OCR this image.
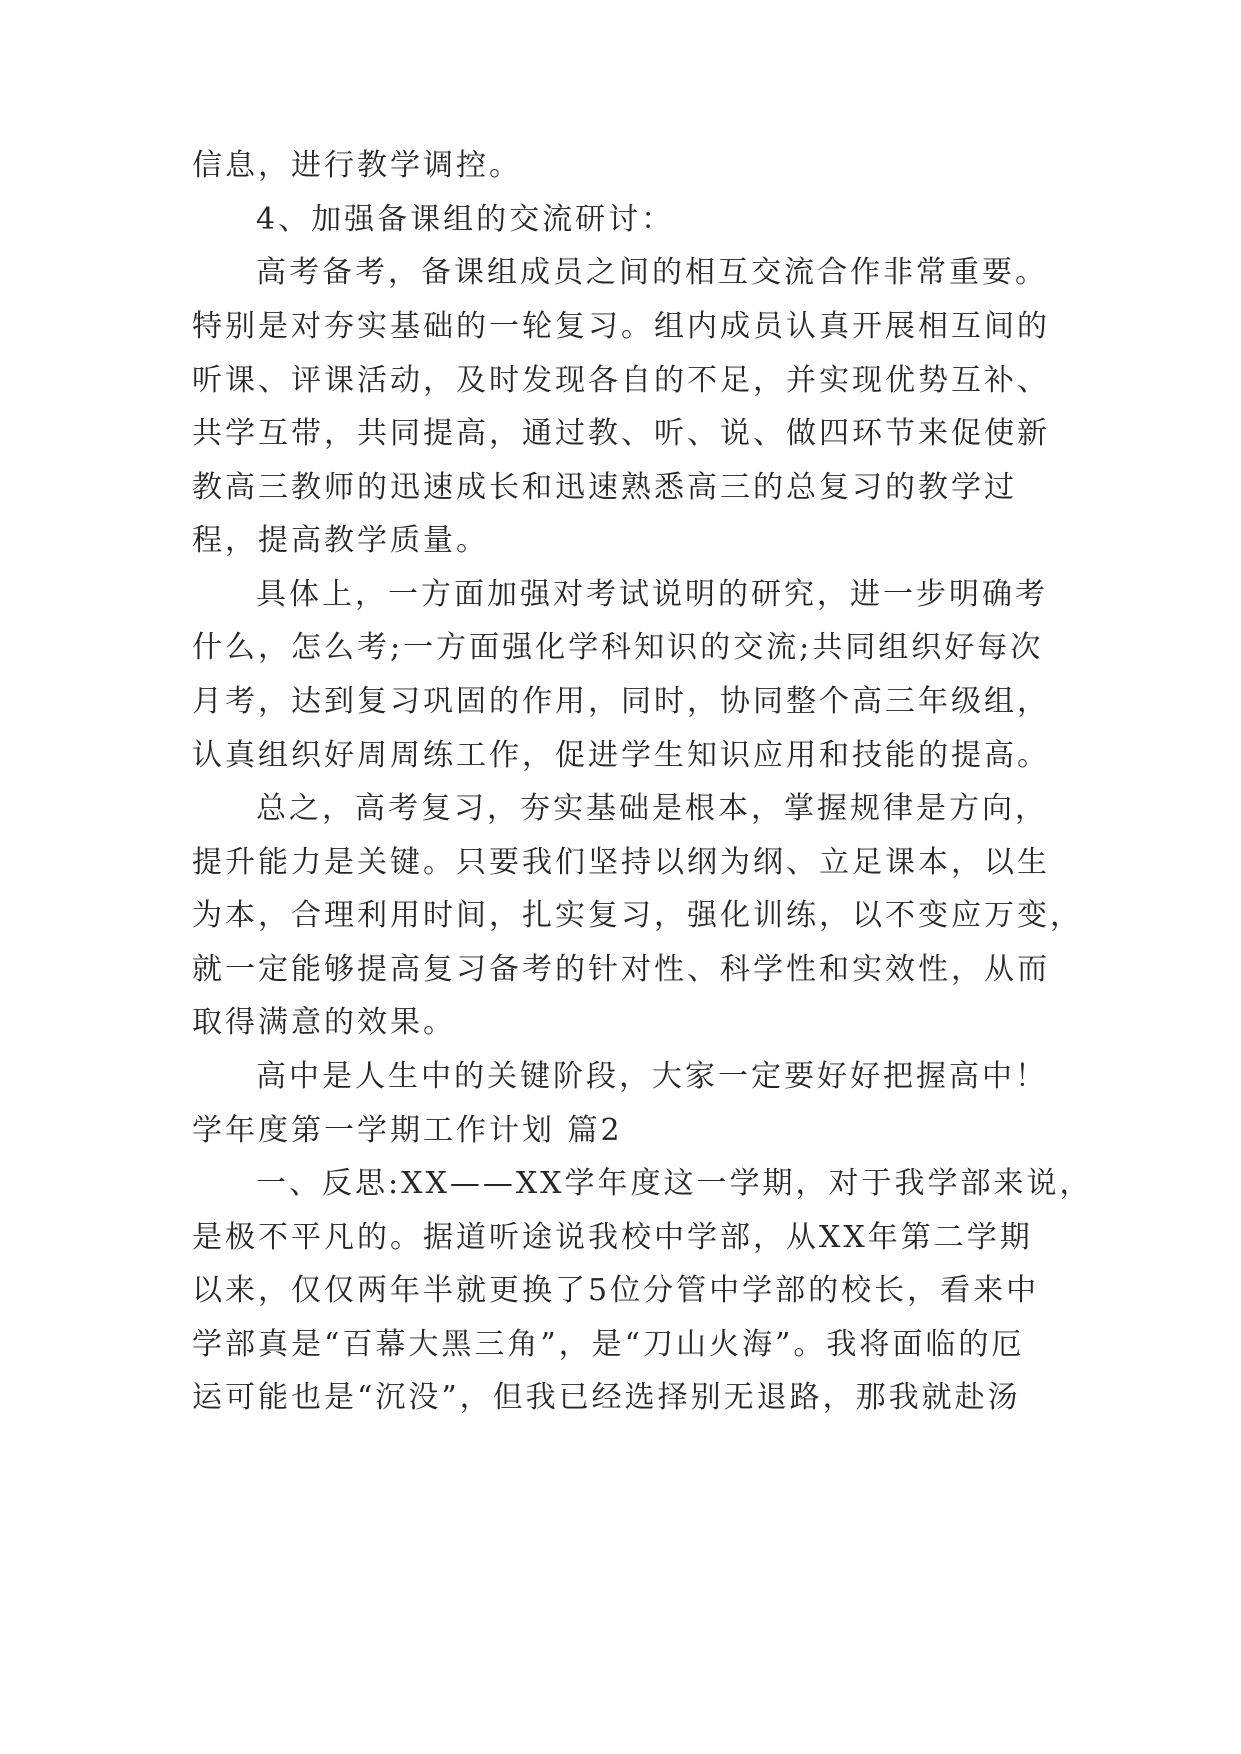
信息，进行教学调控。

4、加强备课组的交流研讨：

高考备考，备课组成员之间的相互交流合作非常重要。

特别是对夯实基础的一轮复习。组内成员认真开展相互间的

听课、评课活动，及时发现各自的不足，并实现优势互补、

共学互带，共同提高，通过教、听、说、做四环节来促使新

教高三教师的迅速成长和迅速熟悉高三的总复习的教学过

程，提高教学质量。

具体上，一方面加强对考试说明的研究，进一步明确考

什么，怎么考;一方面强化学科知识的交流;共同组织好每次

月考，达到复习巩固的作用，同时，协同整个高三年级组，

认真组织好周周练工作，促进学生知识应用和技能的提高。

总之，高考复习，夯实基础是根本，掌握规律是方向，

提升能力是关键。只要我们坚持以纲为纲、立足课本，以生

为本，合理利用时间，扎实复习，强化训练，以不变应万变，

就一定能够提高复习备考的针对性、科学性和实效性，从而

取得满意的效果。

高中是人生中的关键阶段，大家一定要好好把握高中！

学年度第一学期工作计划 篇2

一、反思:XX——XX学年度这一学期，对于我学部来说，

是极不平凡的。据道听途说我校中学部，从XX年第二学期

以来，仅仅两年半就更换了5位分管中学部的校长，看来中

学部真是“百幕大黑三角”，是“刀山火海”。我将面临的厄

运可能也是“沉没”，但我已经选择别无退路，那我就赴汤
